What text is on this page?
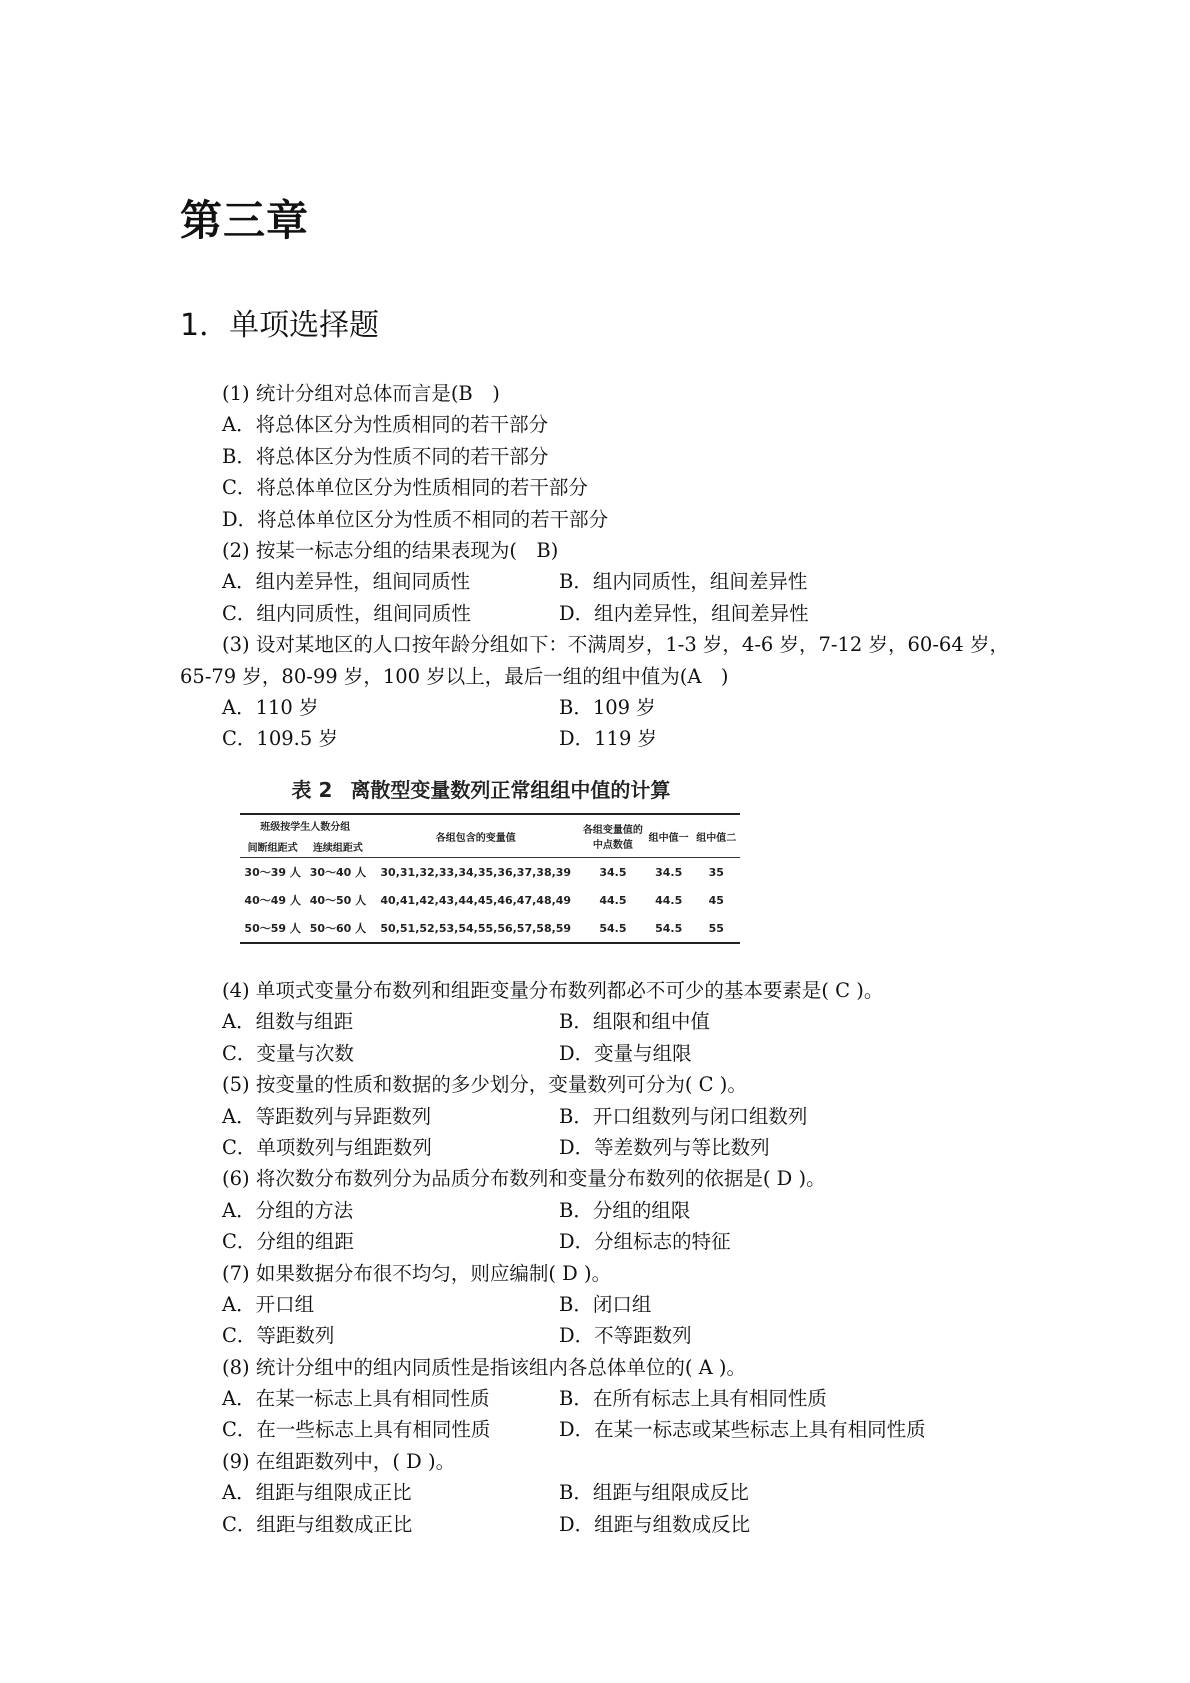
第三章
1．单项选择题
(1) 统计分组对总体而言是(B　)
A．将总体区分为性质相同的若干部分
B．将总体区分为性质不同的若干部分
C．将总体单位区分为性质相同的若干部分
D．将总体单位区分为性质不相同的若干部分
(2) 按某一标志分组的结果表现为(　B)
A．组内差异性，组间同质性	B．组内同质性，组间差异性
C．组内同质性，组间同质性	D．组内差异性，组间差异性
(3) 设对某地区的人口按年龄分组如下：不满周岁，1-3 岁，4-6 岁，7-12 岁，60-64 岁，
65-79 岁，80-99 岁，100 岁以上，最后一组的组中值为(A　)
A．110 岁	B．109 岁
C．109.5 岁	D．119 岁
表 2 离散型变量数列正常组组中值的计算
班级按学生人数分组		各组包含的变量值	各组变量值的中点数值	组中值一	组中值二
间断组距式	连续组距式				
30～39 人	30～40 人	30,31,32,33,34,35,36,37,38,39	34.5	34.5	35
40～49 人	40～50 人	40,41,42,43,44,45,46,47,48,49	44.5	44.5	45
50～59 人	50～60 人	50,51,52,53,54,55,56,57,58,59	54.5	54.5	55
(4) 单项式变量分布数列和组距变量分布数列都必不可少的基本要素是( C )。
A．组数与组距	B．组限和组中值
C．变量与次数	D．变量与组限
(5) 按变量的性质和数据的多少划分，变量数列可分为( C )。
A．等距数列与异距数列	B．开口组数列与闭口组数列
C．单项数列与组距数列	D．等差数列与等比数列
(6) 将次数分布数列分为品质分布数列和变量分布数列的依据是( D )。
A．分组的方法	B．分组的组限
C．分组的组距	D．分组标志的特征
(7) 如果数据分布很不均匀，则应编制( D )。
A．开口组	B．闭口组
C．等距数列	D．不等距数列
(8) 统计分组中的组内同质性是指该组内各总体单位的( A )。
A．在某一标志上具有相同性质	B．在所有标志上具有相同性质
C．在一些标志上具有相同性质	D．在某一标志或某些标志上具有相同性质
(9) 在组距数列中，( D )。
A．组距与组限成正比	B．组距与组限成反比
C．组距与组数成正比	D．组距与组数成反比
